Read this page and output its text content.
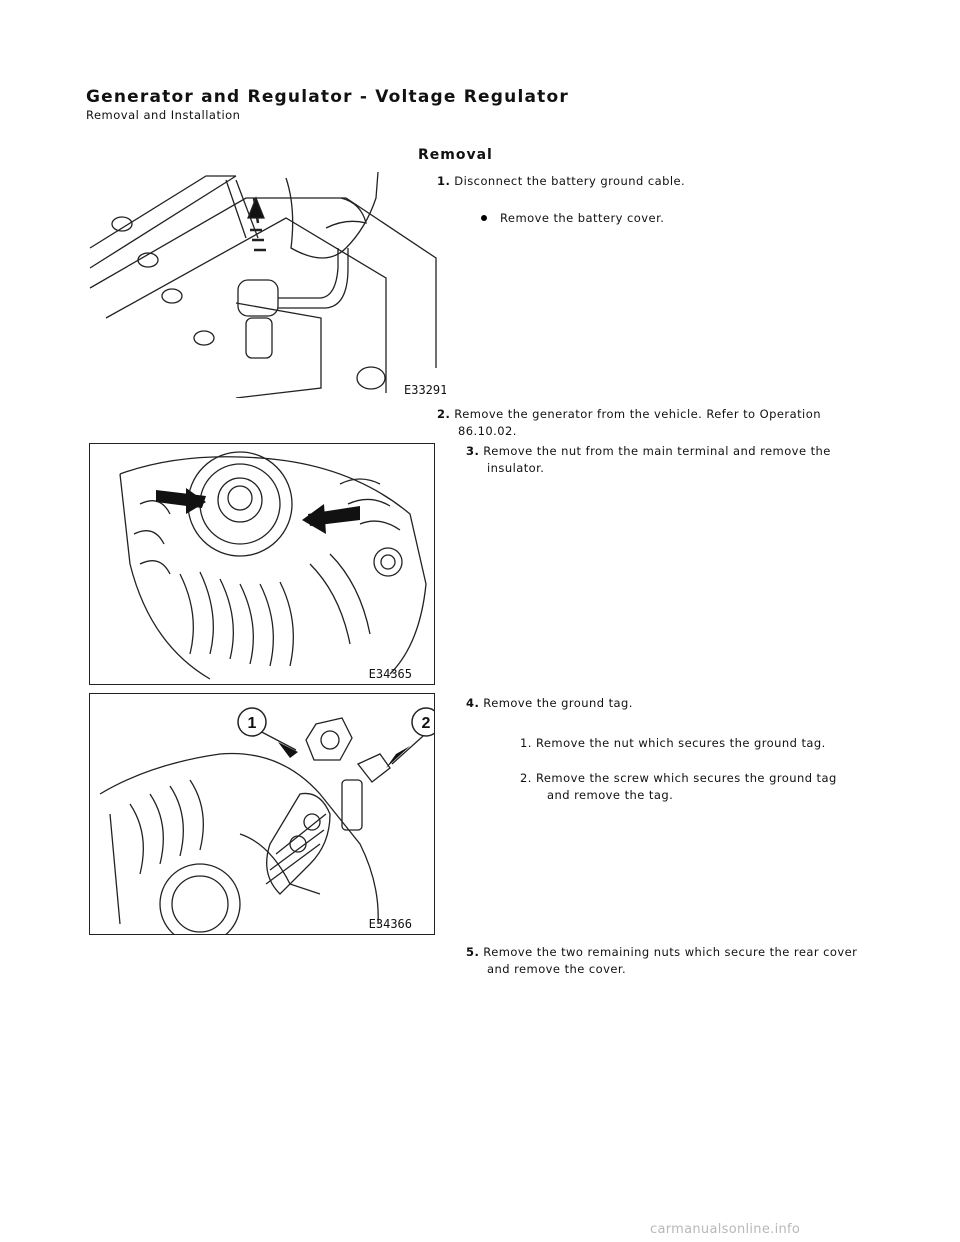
Generator and Regulator - Voltage Regulator
Removal and Installation
Removal
E33291
1. Disconnect the battery ground cable.
Remove the battery cover.
2. Remove the generator from the vehicle. Refer to Operation
86.10.02.
E34365
3. Remove the nut from the main terminal and remove the
insulator.
1	2
E34366
4. Remove the ground tag.
1. Remove the nut which secures the ground tag.
2. Remove the screw which secures the ground tag
and remove the tag.
5. Remove the two remaining nuts which secure the rear cover
and remove the cover.
carmanualsonline.info
